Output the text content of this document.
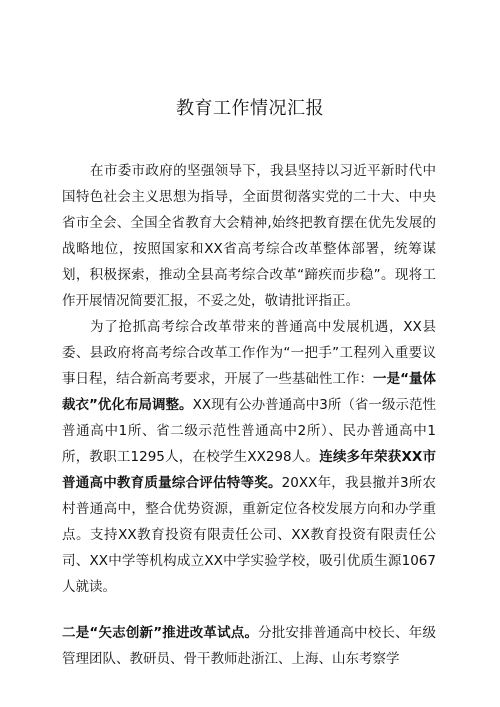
教育工作情况汇报

在市委市政府的坚强领导下，我县坚持以习近平新时代中国特色社会主义思想为指导，全面贯彻落实党的二十大、中央省市全会、全国全省教育大会精神,始终把教育摆在优先发展的战略地位，按照国家和XX省高考综合改革整体部署，统筹谋划，积极探索，推动全县高考综合改革“蹄疾而步稳”。现将工作开展情况简要汇报，不妥之处，敬请批评指正。

为了抢抓高考综合改革带来的普通高中发展机遇，XX县委、县政府将高考综合改革工作作为“一把手”工程列入重要议事日程，结合新高考要求，开展了一些基础性工作：一是“量体裁衣”优化布局调整。XX现有公办普通高中3所（省一级示范性普通高中1所、省二级示范性普通高中2所）、民办普通高中1所，教职工1295人，在校学生XX298人。连续多年荣获XX市普通高中教育质量综合评估特等奖。20XX年，我县撤并3所农村普通高中，整合优势资源，重新定位各校发展方向和办学重点。支持XX教育投资有限责任公司、XX教育投资有限责任公司、XX中学等机构成立XX中学实验学校，吸引优质生源1067人就读。

二是“矢志创新”推进改革试点。分批安排普通高中校长、年级管理团队、教研员、骨干教师赴浙江、上海、山东考察学
